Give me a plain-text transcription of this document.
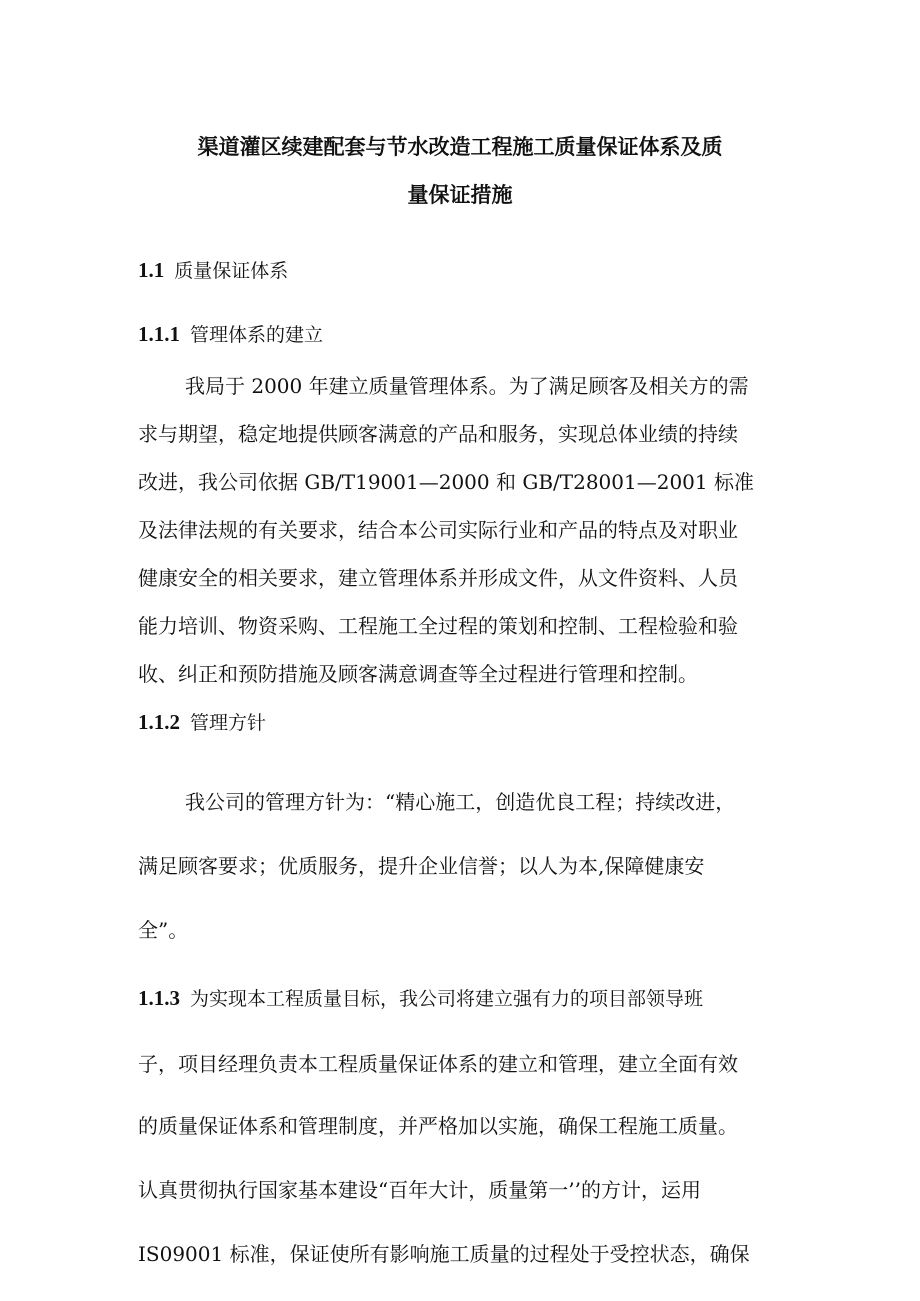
渠道灌区续建配套与节水改造工程施工质量保证体系及质
量保证措施
1.1 质量保证体系
1.1.1 管理体系的建立
我局于 2000 年建立质量管理体系。为了满足顾客及相关方的需
求与期望，稳定地提供顾客满意的产品和服务，实现总体业绩的持续
改进，我公司依据 GB/T19001—2000 和 GB/T28001—2001 标准
及法律法规的有关要求，结合本公司实际行业和产品的特点及对职业
健康安全的相关要求，建立管理体系并形成文件，从文件资料、人员
能力培训、物资采购、工程施工全过程的策划和控制、工程检验和验
收、纠正和预防措施及顾客满意调查等全过程进行管理和控制。
1.1.2 管理方针
我公司的管理方针为：“精心施工，创造优良工程；持续改进，
满足顾客要求；优质服务，提升企业信誉；以人为本,保障健康安
全”。
1.1.3 为实现本工程质量目标，我公司将建立强有力的项目部领导班
子，项目经理负责本工程质量保证体系的建立和管理，建立全面有效
的质量保证体系和管理制度，并严格加以实施，确保工程施工质量。
认真贯彻执行国家基本建设“百年大计，质量第一’’的方计，运用
IS09001 标准，保证使所有影响施工质量的过程处于受控状态，确保
